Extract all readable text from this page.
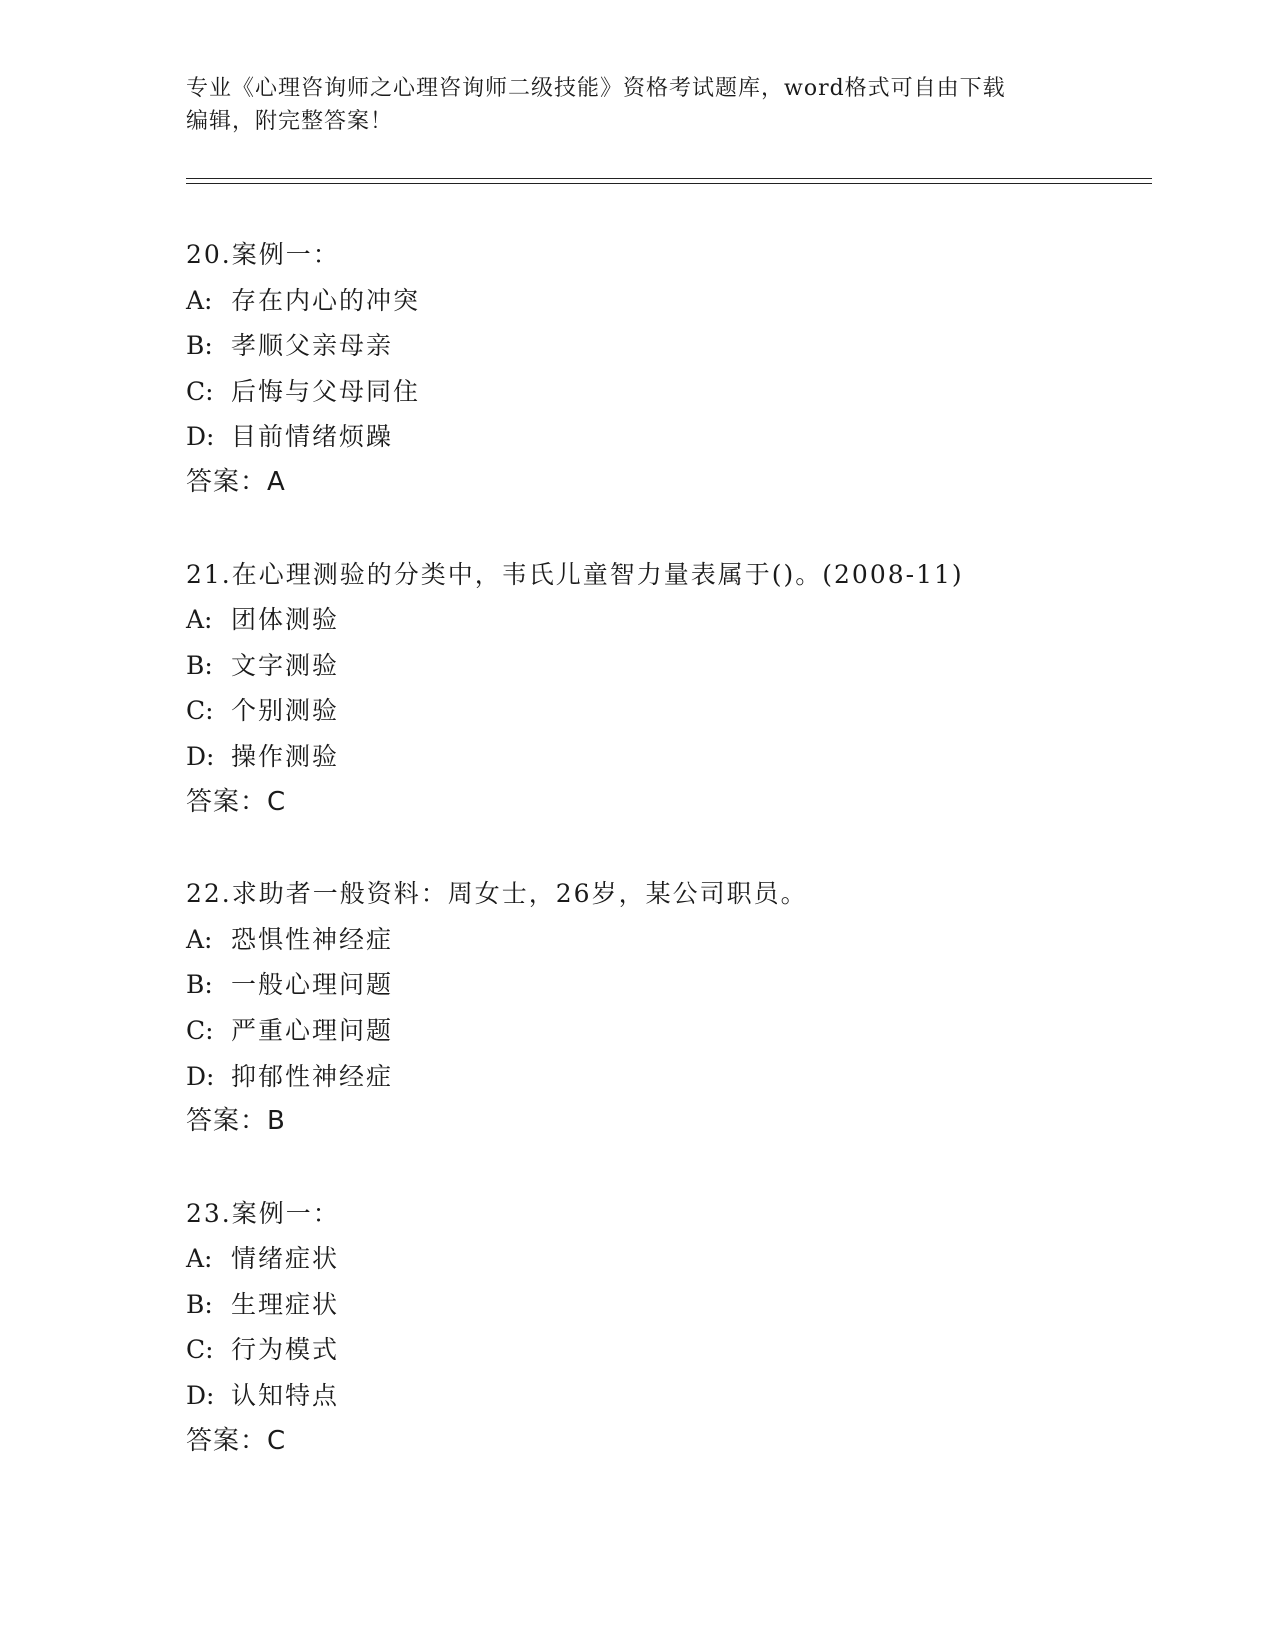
专业《心理咨询师之心理咨询师二级技能》资格考试题库，word格式可自由下载
编辑，附完整答案！
20.案例一：
A: 存在内心的冲突
B: 孝顺父亲母亲
C: 后悔与父母同住
D: 目前情绪烦躁
答案：A
21.在心理测验的分类中，韦氏儿童智力量表属于()。(2008-11)
A: 团体测验
B: 文字测验
C: 个别测验
D: 操作测验
答案：C
22.求助者一般资料：周女士，26岁，某公司职员。
A: 恐惧性神经症
B: 一般心理问题
C: 严重心理问题
D: 抑郁性神经症
答案：B
23.案例一：
A: 情绪症状
B: 生理症状
C: 行为模式
D: 认知特点
答案：C
